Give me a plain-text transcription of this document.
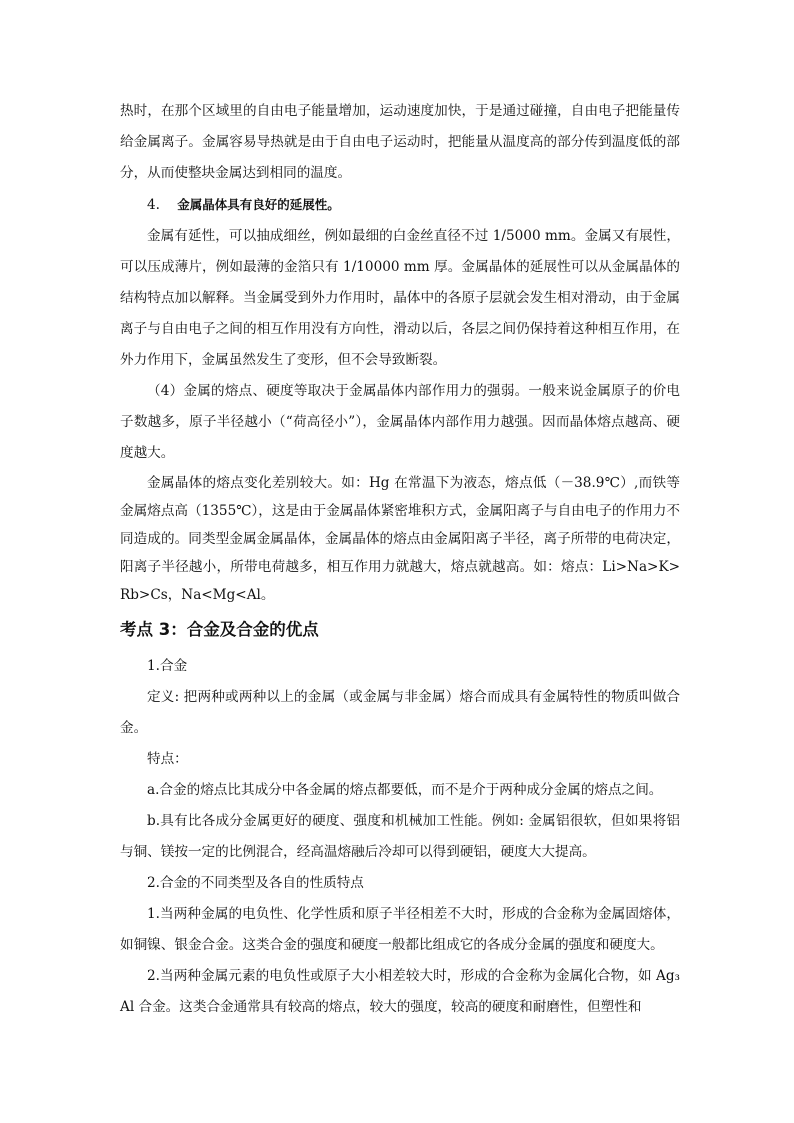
热时，在那个区域里的自由电子能量增加，运动速度加快，于是通过碰撞，自由电子把能量传给金属离子。金属容易导热就是由于自由电子运动时，把能量从温度高的部分传到温度低的部分，从而使整块金属达到相同的温度。

4. 金属晶体具有良好的延展性。

金属有延性，可以抽成细丝，例如最细的白金丝直径不过 1/5000 mm。金属又有展性，可以压成薄片，例如最薄的金箔只有 1/10000 mm 厚。金属晶体的延展性可以从金属晶体的结构特点加以解释。当金属受到外力作用时，晶体中的各原子层就会发生相对滑动，由于金属离子与自由电子之间的相互作用没有方向性，滑动以后，各层之间仍保持着这种相互作用，在外力作用下，金属虽然发生了变形，但不会导致断裂。

（4）金属的熔点、硬度等取决于金属晶体内部作用力的强弱。一般来说金属原子的价电子数越多，原子半径越小（“荷高径小”），金属晶体内部作用力越强。因而晶体熔点越高、硬度越大。

金属晶体的熔点变化差别较大。如：Hg 在常温下为液态，熔点低（－38.9℃）,而铁等金属熔点高（1355℃），这是由于金属晶体紧密堆积方式，金属阳离子与自由电子的作用力不同造成的。同类型金属金属晶体，金属晶体的熔点由金属阳离子半径，离子所带的电荷决定，阳离子半径越小，所带电荷越多，相互作用力就越大，熔点就越高。如：熔点：Li>Na>K>Rb>Cs，Na<Mg<Al。

考点 3：合金及合金的优点

1.合金

定义: 把两种或两种以上的金属（或金属与非金属）熔合而成具有金属特性的物质叫做合金。

特点：

a.合金的熔点比其成分中各金属的熔点都要低，而不是介于两种成分金属的熔点之间。

b.具有比各成分金属更好的硬度、强度和机械加工性能。例如: 金属铝很软，但如果将铝与铜、镁按一定的比例混合，经高温熔融后冷却可以得到硬铝，硬度大大提高。

2.合金的不同类型及各自的性质特点

1.当两种金属的电负性、化学性质和原子半径相差不大时，形成的合金称为金属固熔体，如铜镍、银金合金。这类合金的强度和硬度一般都比组成它的各成分金属的强度和硬度大。

2.当两种金属元素的电负性或原子大小相差较大时，形成的合金称为金属化合物，如 Ag₃Al 合金。这类合金通常具有较高的熔点，较大的强度，较高的硬度和耐磨性，但塑性和
